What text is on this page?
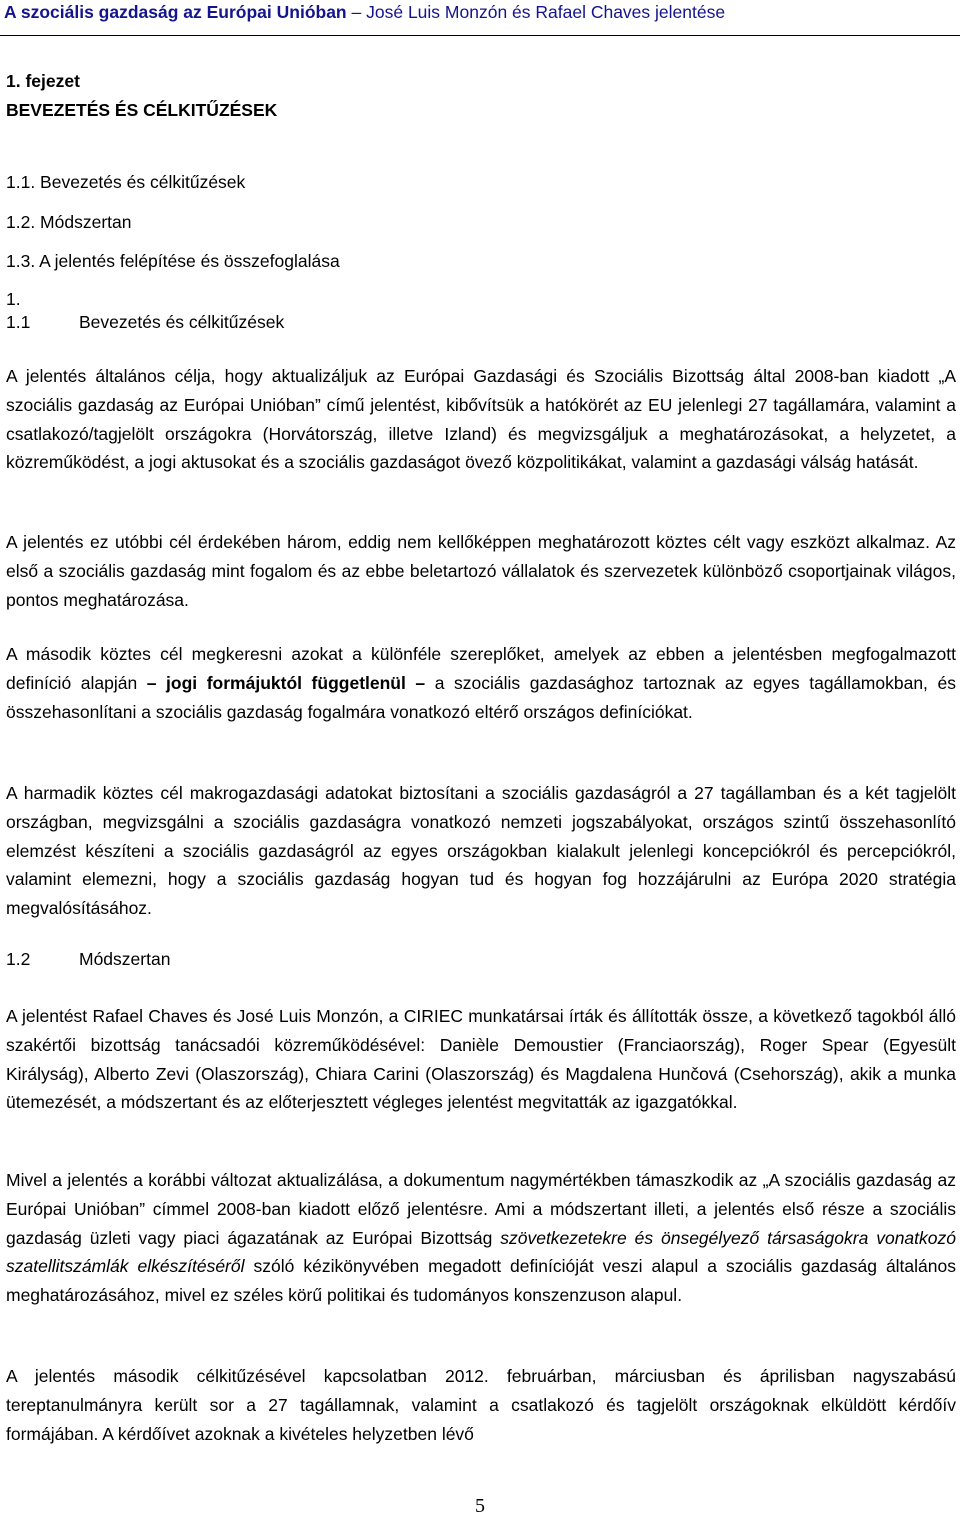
A szociális gazdaság az Európai Unióban – José Luis Monzón és Rafael Chaves jelentése
1. fejezet
BEVEZETÉS ÉS CÉLKITŰZÉSEK
1.1. Bevezetés és célkitűzések
1.2. Módszertan
1.3. A jelentés felépítése és összefoglalása
1.
1.1	Bevezetés és célkitűzések
A jelentés általános célja, hogy aktualizáljuk az Európai Gazdasági és Szociális Bizottság által 2008-ban kiadott „A szociális gazdaság az Európai Unióban” című jelentést, kibővítsük a hatókörét az EU jelenlegi 27 tagállamára, valamint a csatlakozó/tagjelölt országokra (Horvátország, illetve Izland) és megvizsgáljuk a meghatározásokat, a helyzetet, a közreműködést, a jogi aktusokat és a szociális gazdaságot övező közpolitikákat, valamint a gazdasági válság hatását.
A jelentés ez utóbbi cél érdekében három, eddig nem kellőképpen meghatározott köztes célt vagy eszközt alkalmaz. Az első a szociális gazdaság mint fogalom és az ebbe beletartozó vállalatok és szervezetek különböző csoportjainak világos, pontos meghatározása.
A második köztes cél megkeresni azokat a különféle szereplőket, amelyek az ebben a jelentésben megfogalmazott definíció alapján – jogi formájuktól függetlenül – a szociális gazdasághoz tartoznak az egyes tagállamokban, és összehasonlítani a szociális gazdaság fogalmára vonatkozó eltérő országos definíciókat.
A harmadik köztes cél makrogazdasági adatokat biztosítani a szociális gazdaságról a 27 tagállamban és a két tagjelölt országban, megvizsgálni a szociális gazdaságra vonatkozó nemzeti jogszabályokat, országos szintű összehasonlító elemzést készíteni a szociális gazdaságról az egyes országokban kialakult jelenlegi koncepciókról és percepciókról, valamint elemezni, hogy a szociális gazdaság hogyan tud és hogyan fog hozzájárulni az Európa 2020 stratégia megvalósításához.
1.2	Módszertan
A jelentést Rafael Chaves és José Luis Monzón, a CIRIEC munkatársai írták és állították össze, a következő tagokból álló szakértői bizottság tanácsadói közreműködésével: Danièle Demoustier (Franciaország), Roger Spear (Egyesült Királyság), Alberto Zevi (Olaszország), Chiara Carini (Olaszország) és Magdalena Hunčová (Csehország), akik a munka ütemezését, a módszertant és az előterjesztett végleges jelentést megvitatták az igazgatókkal.
Mivel a jelentés a korábbi változat aktualizálása, a dokumentum nagymértékben támaszkodik az „A szociális gazdaság az Európai Unióban” címmel 2008-ban kiadott előző jelentésre. Ami a módszertant illeti, a jelentés első része a szociális gazdaság üzleti vagy piaci ágazatának az Európai Bizottság szövetkezetekre és önsegélyező társaságokra vonatkozó szatellitszámlák elkészítéséről szóló kézikönyvében megadott definícióját veszi alapul a szociális gazdaság általános meghatározásához, mivel ez széles körű politikai és tudományos konszenzuson alapul.
A jelentés második célkitűzésével kapcsolatban 2012. februárban, márciusban és áprilisban nagyszabású tereptanulmányra került sor a 27 tagállamnak, valamint a csatlakozó és tagjelölt országoknak elküldött kérdőív formájában. A kérdőívet azoknak a kivételes helyzetben lévő
5
